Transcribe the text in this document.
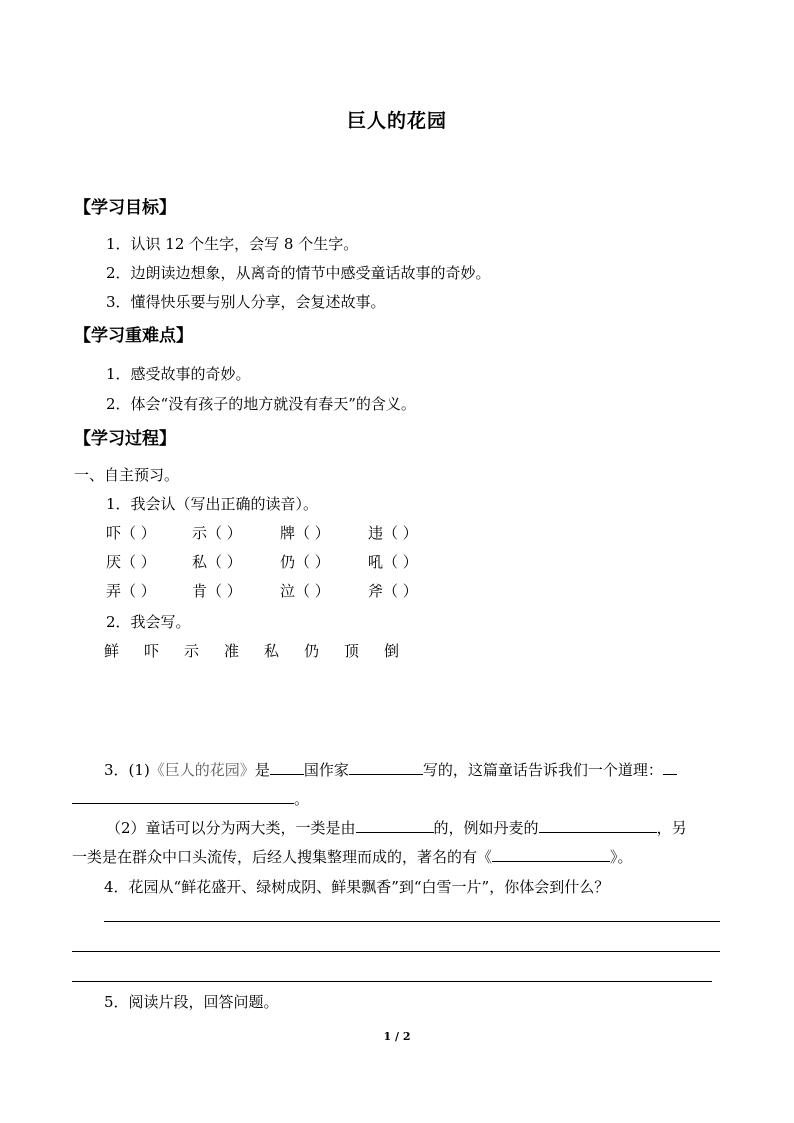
巨人的花园
【学习目标】
1．认识 12 个生字，会写 8 个生字。
2．边朗读边想象，从离奇的情节中感受童话故事的奇妙。
3．懂得快乐要与别人分享，会复述故事。
【学习重难点】
1．感受故事的奇妙。
2．体会“没有孩子的地方就没有春天”的含义。
【学习过程】
一、自主预习。
1．我会认（写出正确的读音）。
吓（ ） 示（ ）	牌（ ）	违（ ）
厌（ ） 私（ ）	仍（ ）	吼（ ）
弄（ ） 肯（ ）	泣（ ）	斧（ ）
2．我会写。
鲜 吓 示 准 私 仍 顶 倒
3．(1)《巨人的花园》是 国作家	写的，这篇童话告诉我们一个道理：
。
（2）童话可以分为两大类，一类是由	的，例如丹麦的	，另
一类是在群众中口头流传，后经人搜集整理而成的，著名的有《	》。
4．花园从“鲜花盛开、绿树成阴、鲜果飘香”到“白雪一片”，你体会到什么？
5．阅读片段，回答问题。
1 / 2
